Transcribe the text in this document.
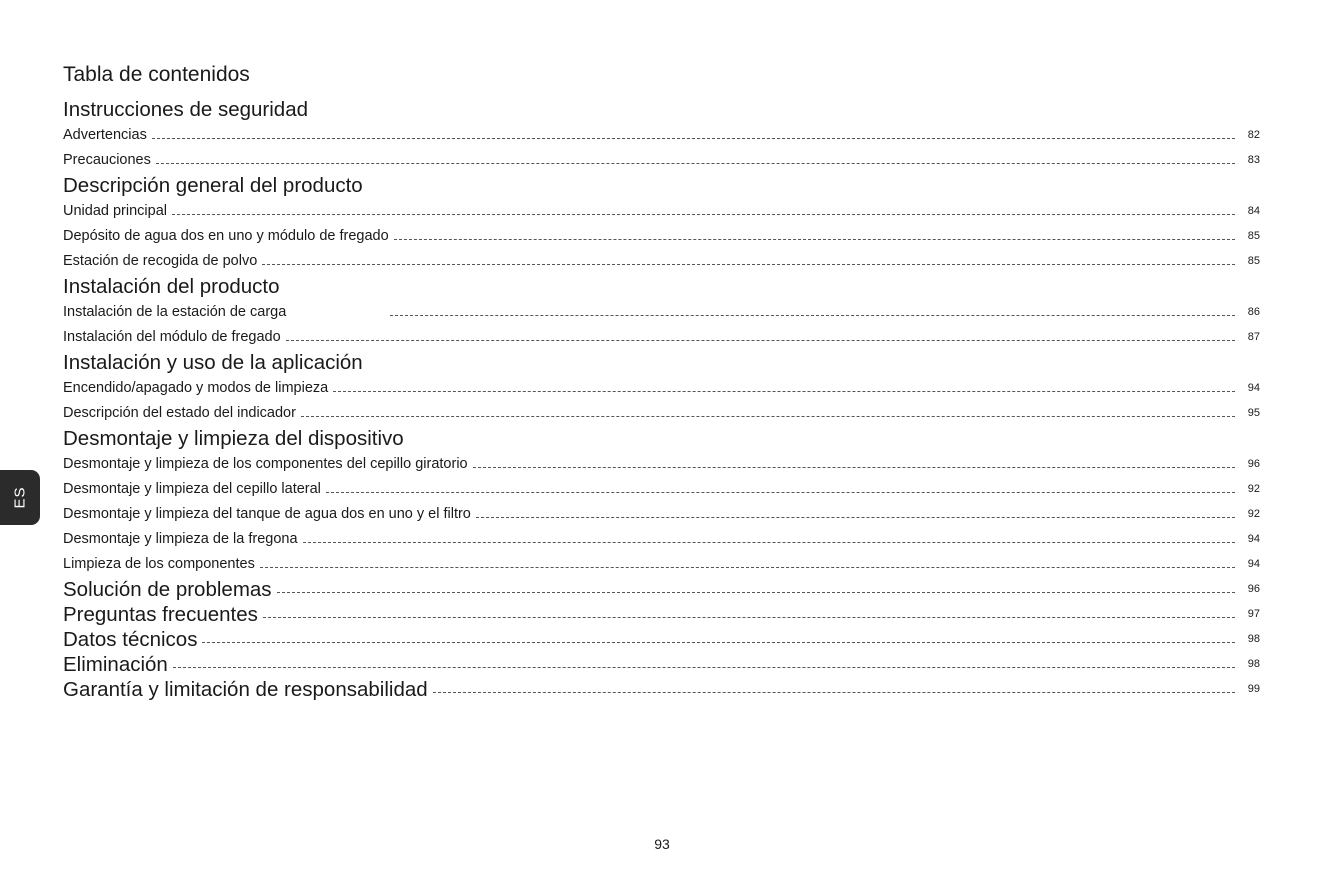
ES
Tabla de contenidos
Instrucciones de seguridad
Advertencias	82
Precauciones	83
Descripción general del producto
Unidad principal	84
Depósito de agua dos en uno y módulo de fregado	85
Estación de recogida de polvo	85
Instalación del producto
Instalación de la estación de carga	86
Instalación del módulo de fregado	87
Instalación y uso de la aplicación
Encendido/apagado y modos de limpieza	94
Descripción del estado del indicador	95
Desmontaje y limpieza del dispositivo
Desmontaje y limpieza de los componentes del cepillo giratorio	96
Desmontaje y limpieza del cepillo lateral	92
Desmontaje y limpieza del tanque de agua dos en uno y el filtro	92
Desmontaje y limpieza de la fregona	94
Limpieza de los componentes	94
Solución de problemas	96
Preguntas frecuentes	97
Datos técnicos	98
Eliminación	98
Garantía y limitación de responsabilidad	99
93
